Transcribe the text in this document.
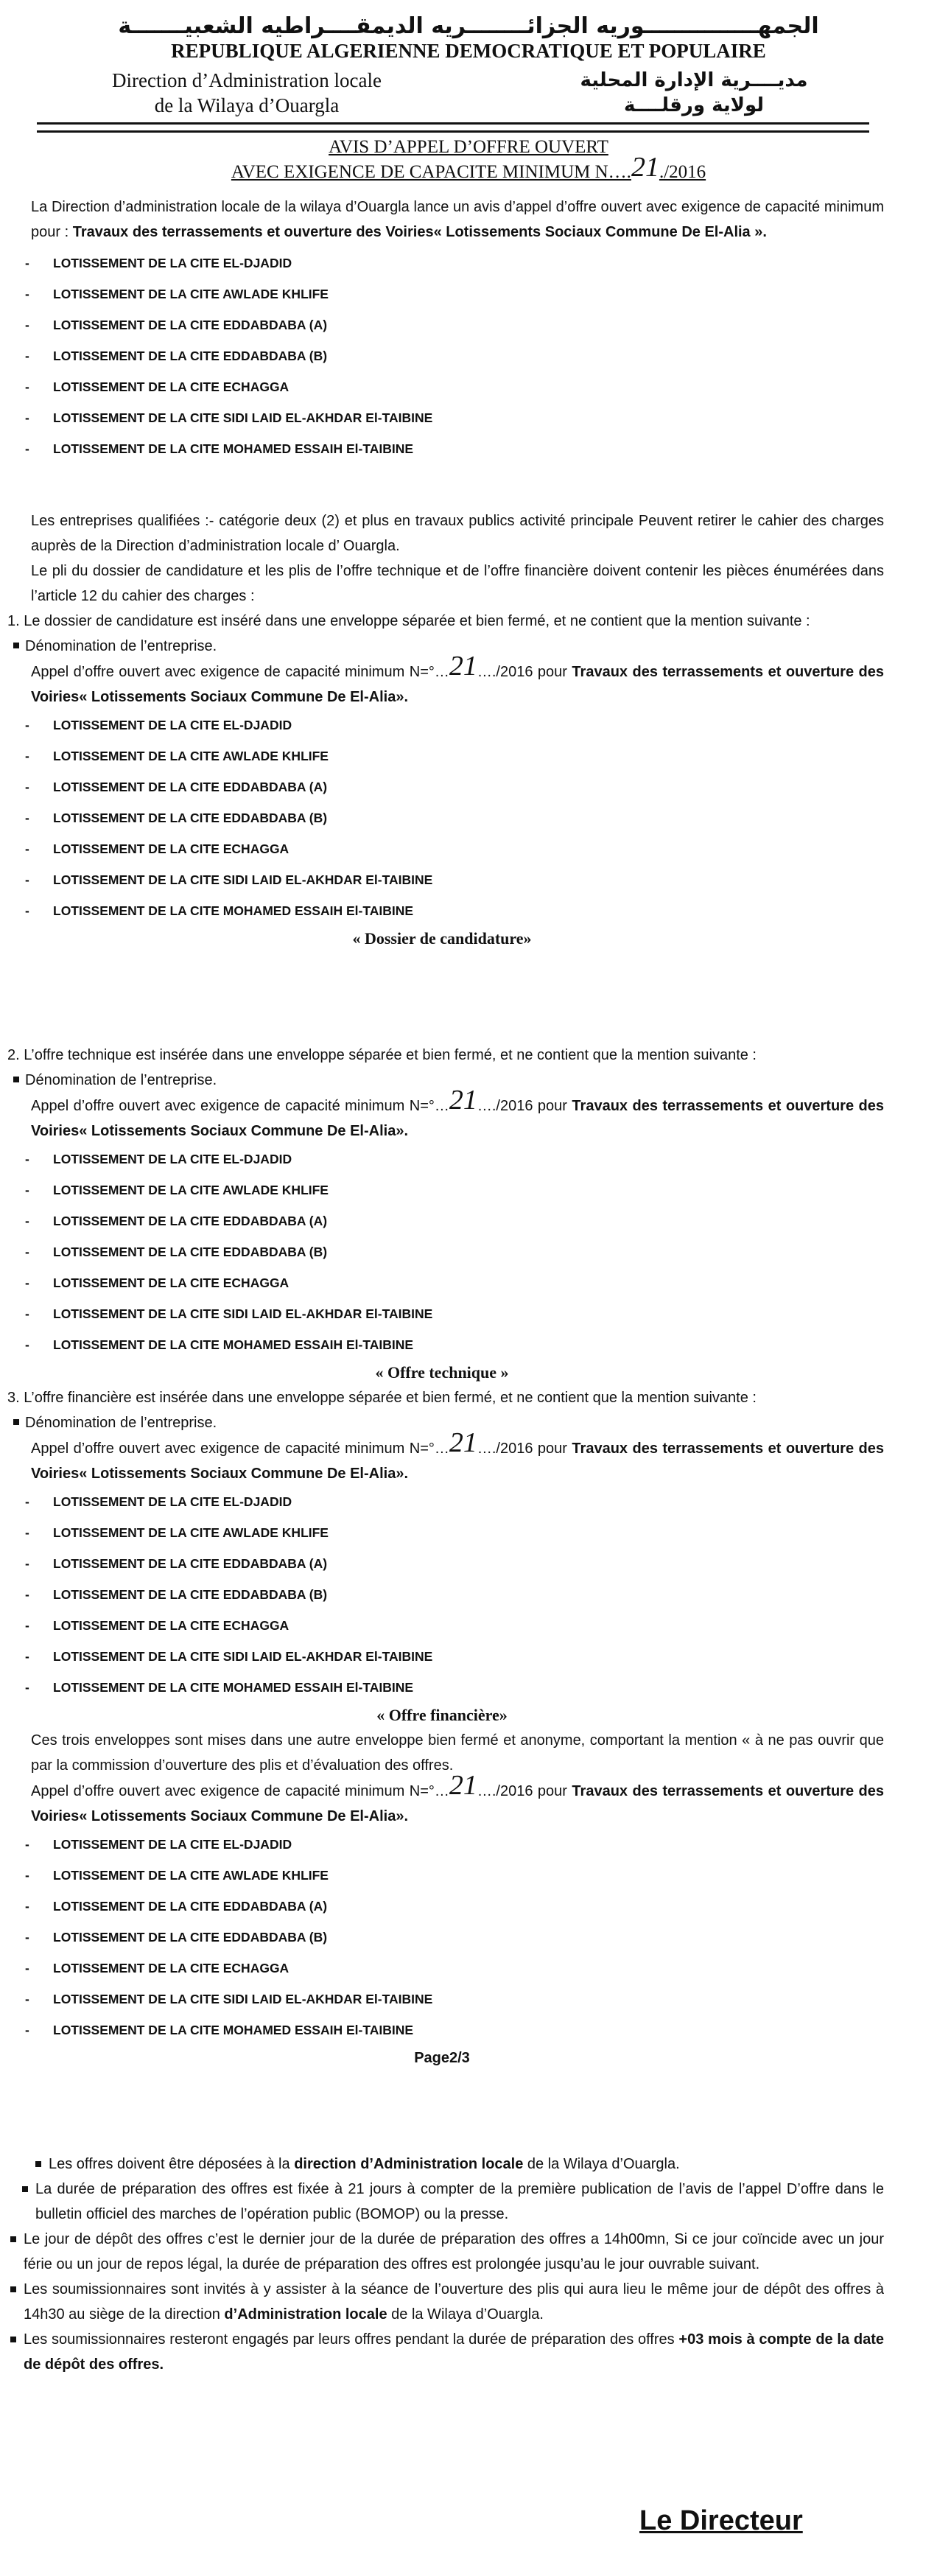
الجمهـــــــــــــــوريه الجزائــــــــريه الديمقــــراطيه الشعبيـــــــة
REPUBLIQUE ALGERIENNE DEMOCRATIQUE ET POPULAIRE
Direction d’Administration locale
de la Wilaya d’Ouargla
مديــــرية الإدارة المحلية
لولاية ورقلــــة
AVIS D’APPEL D’OFFRE OUVERT
AVEC EXIGENCE DE CAPACITE MINIMUM N….21./2016
La Direction d’administration locale de la wilaya d’Ouargla lance un avis d’appel d’offre ouvert avec exigence de capacité minimum pour : Travaux des terrassements et ouverture des Voiries« Lotissements Sociaux Commune De El-Alia ».
- LOTISSEMENT DE LA CITE EL-DJADID
- LOTISSEMENT DE LA CITE AWLADE KHLIFE
- LOTISSEMENT DE LA CITE EDDABDABA (A)
- LOTISSEMENT DE LA CITE EDDABDABA (B)
- LOTISSEMENT DE LA CITE ECHAGGA
- LOTISSEMENT DE LA CITE SIDI LAID EL-AKHDAR El-TAIBINE
- LOTISSEMENT DE LA CITE MOHAMED ESSAIH El-TAIBINE
Les entreprises qualifiées :- catégorie deux (2) et plus en travaux publics activité principale Peuvent retirer le cahier des charges auprès de la Direction d’administration locale d’ Ouargla.
Le pli du dossier de candidature et les plis de l’offre technique et de l’offre financière doivent contenir les pièces énumérées dans l’article 12 du cahier des charges :
1. Le dossier de candidature est inséré dans une enveloppe séparée et bien fermé, et ne contient que la mention suivante :
Dénomination de l’entreprise.
Appel d’offre ouvert avec exigence de capacité minimum N=°…21…./2016 pour Travaux des terrassements et ouverture des Voiries« Lotissements Sociaux Commune De El-Alia».
- LOTISSEMENT DE LA CITE EL-DJADID
- LOTISSEMENT DE LA CITE AWLADE KHLIFE
- LOTISSEMENT DE LA CITE EDDABDABA (A)
- LOTISSEMENT DE LA CITE EDDABDABA (B)
- LOTISSEMENT DE LA CITE ECHAGGA
- LOTISSEMENT DE LA CITE SIDI LAID EL-AKHDAR El-TAIBINE
- LOTISSEMENT DE LA CITE MOHAMED ESSAIH El-TAIBINE
« Dossier de candidature»
2. L’offre technique est insérée dans une enveloppe séparée et bien fermé, et ne contient que la mention suivante :
Dénomination de l’entreprise.
Appel d’offre ouvert avec exigence de capacité minimum N=°…21…./2016 pour Travaux des terrassements et ouverture des Voiries« Lotissements Sociaux Commune De El-Alia».
- LOTISSEMENT DE LA CITE EL-DJADID
- LOTISSEMENT DE LA CITE AWLADE KHLIFE
- LOTISSEMENT DE LA CITE EDDABDABA (A)
- LOTISSEMENT DE LA CITE EDDABDABA (B)
- LOTISSEMENT DE LA CITE ECHAGGA
- LOTISSEMENT DE LA CITE SIDI LAID EL-AKHDAR El-TAIBINE
- LOTISSEMENT DE LA CITE MOHAMED ESSAIH El-TAIBINE
« Offre technique »
3. L’offre financière est insérée dans une enveloppe séparée et bien fermé, et ne contient que la mention suivante :
Dénomination de l’entreprise.
Appel d’offre ouvert avec exigence de capacité minimum N=°…21…./2016 pour Travaux des terrassements et ouverture des Voiries« Lotissements Sociaux Commune De El-Alia».
- LOTISSEMENT DE LA CITE EL-DJADID
- LOTISSEMENT DE LA CITE AWLADE KHLIFE
- LOTISSEMENT DE LA CITE EDDABDABA (A)
- LOTISSEMENT DE LA CITE EDDABDABA (B)
- LOTISSEMENT DE LA CITE ECHAGGA
- LOTISSEMENT DE LA CITE SIDI LAID EL-AKHDAR El-TAIBINE
- LOTISSEMENT DE LA CITE MOHAMED ESSAIH El-TAIBINE
« Offre financière»
Ces trois enveloppes sont mises dans une autre enveloppe bien fermé et anonyme, comportant la mention « à ne pas ouvrir que par la commission d’ouverture des plis et d’évaluation des offres.
Appel d’offre ouvert avec exigence de capacité minimum N=°…21…./2016 pour Travaux des terrassements et ouverture des Voiries« Lotissements Sociaux Commune De El-Alia».
- LOTISSEMENT DE LA CITE EL-DJADID
- LOTISSEMENT DE LA CITE AWLADE KHLIFE
- LOTISSEMENT DE LA CITE EDDABDABA (A)
- LOTISSEMENT DE LA CITE EDDABDABA (B)
- LOTISSEMENT DE LA CITE ECHAGGA
- LOTISSEMENT DE LA CITE SIDI LAID EL-AKHDAR El-TAIBINE
- LOTISSEMENT DE LA CITE MOHAMED ESSAIH El-TAIBINE
Page2/3
Les offres doivent être déposées à la direction d’Administration locale de la Wilaya d’Ouargla.
La durée de préparation des offres est fixée à 21 jours à compter de la première publication de l’avis de l’appel D’offre dans le bulletin officiel des marches de l’opération public (BOMOP) ou la presse.
Le jour de dépôt des offres c’est le dernier jour de la durée de préparation des offres a 14h00mn, Si ce jour coïncide avec un jour férie ou un jour de repos légal, la durée de préparation des offres est prolongée jusqu’au le jour ouvrable suivant.
Les soumissionnaires sont invités à y assister à la séance de l’ouverture des plis qui aura lieu le même jour de dépôt des offres à 14h30 au siège de la direction d’Administration locale de la Wilaya d’Ouargla.
Les soumissionnaires resteront engagés par leurs offres pendant la durée de préparation des offres +03 mois à compte de la date de dépôt des offres.
Le Directeur
